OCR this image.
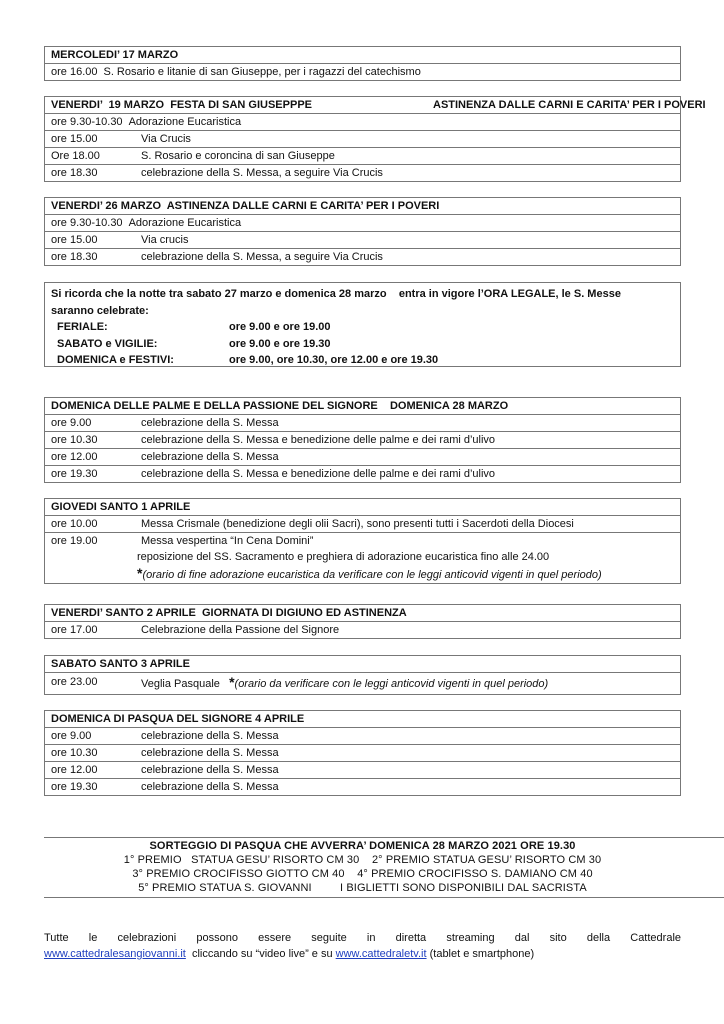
MERCOLEDI’ 17 MARZO
ore 16.00 S. Rosario e litanie di san Giuseppe, per i ragazzi del catechismo
VENERDI’  19 MARZO  FESTA DI SAN GIUSEPPPE	ASTINENZA DALLE CARNI E CARITA’ PER I POVERI
ore 9.30-10.30 Adorazione Eucaristica
ore 15.00	Via Crucis
Ore 18.00	S. Rosario e coroncina di san Giuseppe
ore 18.30	celebrazione della S. Messa, a seguire Via Crucis
VENERDI’ 26 MARZO  ASTINENZA DALLE CARNI E CARITA’ PER I POVERI
ore 9.30-10.30 Adorazione Eucaristica
ore 15.00	Via crucis
ore 18.30	celebrazione della S. Messa, a seguire Via Crucis
DOMENICA DELLE PALME E DELLA PASSIONE DEL SIGNORE    DOMENICA 28 MARZO
ore 9.00	celebrazione della S. Messa
ore 10.30	celebrazione della S. Messa e benedizione delle palme e dei rami d’ulivo
ore 12.00	celebrazione della S. Messa
ore 19.30	celebrazione della S. Messa e benedizione delle palme e dei rami d’ulivo
GIOVEDI SANTO 1 APRILE
ore 10.00	Messa Crismale (benedizione degli olii Sacri), sono presenti tutti i Sacerdoti della Diocesi
ore 19.00	Messa vespertina “In Cena Domini”
reposizione del SS. Sacramento e preghiera di adorazione eucaristica fino alle 24.00
*(orario di fine adorazione eucaristica da verificare con le leggi anticovid vigenti in quel periodo)
VENERDI’ SANTO 2 APRILE  GIORNATA DI DIGIUNO ED ASTINENZA
ore 17.00	Celebrazione della Passione del Signore
SABATO SANTO 3 APRILE
ore 23.00	Veglia Pasquale   *(orario da verificare con le leggi anticovid vigenti in quel periodo)
DOMENICA DI PASQUA DEL SIGNORE 4 APRILE
ore 9.00	celebrazione della S. Messa
ore 10.30	celebrazione della S. Messa
ore 12.00	celebrazione della S. Messa
ore 19.30	celebrazione della S. Messa
Si ricorda che la notte tra sabato 27 marzo e domenica 28 marzo    entra in vigore l’ORA LEGALE, le S. Messe
saranno celebrate:
FERIALE:	ore 9.00 e ore 19.00
SABATO e VIGILIE:	ore 9.00 e ore 19.30
DOMENICA e FESTIVI:	ore 9.00, ore 10.30, ore 12.00 e ore 19.30
SORTEGGIO DI PASQUA CHE AVVERRA’ DOMENICA 28 MARZO 2021 ORE 19.30
1° PREMIO   STATUA GESU’ RISORTO CM 30    2° PREMIO STATUA GESU’ RISORTO CM 30
3° PREMIO CROCIFISSO GIOTTO CM 40    4° PREMIO CROCIFISSO S. DAMIANO CM 40
5° PREMIO STATUA S. GIOVANNI         I BIGLIETTI SONO DISPONIBILI DAL SACRISTA
Tutte le celebrazioni possono essere seguite in diretta streaming dal sito della Cattedrale
www.cattedralesangiovanni.it  cliccando su “video live” e su www.cattedraletv.it (tablet e smartphone)
